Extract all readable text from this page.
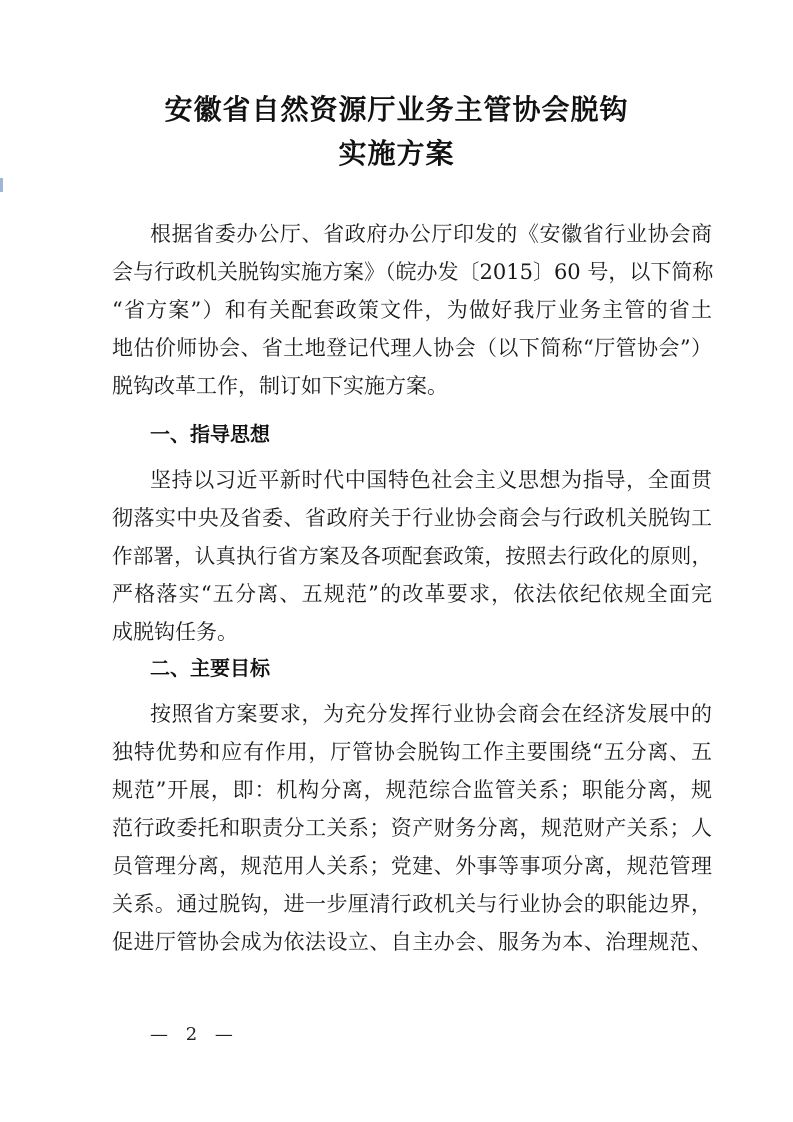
安徽省自然资源厅业务主管协会脱钩
实施方案
根据省委办公厅、省政府办公厅印发的《安徽省行业协会商
会与行政机关脱钩实施方案》（皖办发〔2015〕60 号，以下简称
“省方案”）和有关配套政策文件，为做好我厅业务主管的省土
地估价师协会、省土地登记代理人协会（以下简称“厅管协会”）
脱钩改革工作，制订如下实施方案。
一、指导思想
坚持以习近平新时代中国特色社会主义思想为指导，全面贯
彻落实中央及省委、省政府关于行业协会商会与行政机关脱钩工
作部署，认真执行省方案及各项配套政策，按照去行政化的原则，
严格落实“五分离、五规范”的改革要求，依法依纪依规全面完
成脱钩任务。
二、主要目标
按照省方案要求，为充分发挥行业协会商会在经济发展中的
独特优势和应有作用，厅管协会脱钩工作主要围绕“五分离、五
规范”开展，即：机构分离，规范综合监管关系；职能分离，规
范行政委托和职责分工关系；资产财务分离，规范财产关系；人
员管理分离，规范用人关系；党建、外事等事项分离，规范管理
关系。通过脱钩，进一步厘清行政机关与行业协会的职能边界，
促进厅管协会成为依法设立、自主办会、服务为本、治理规范、
— 2 —
